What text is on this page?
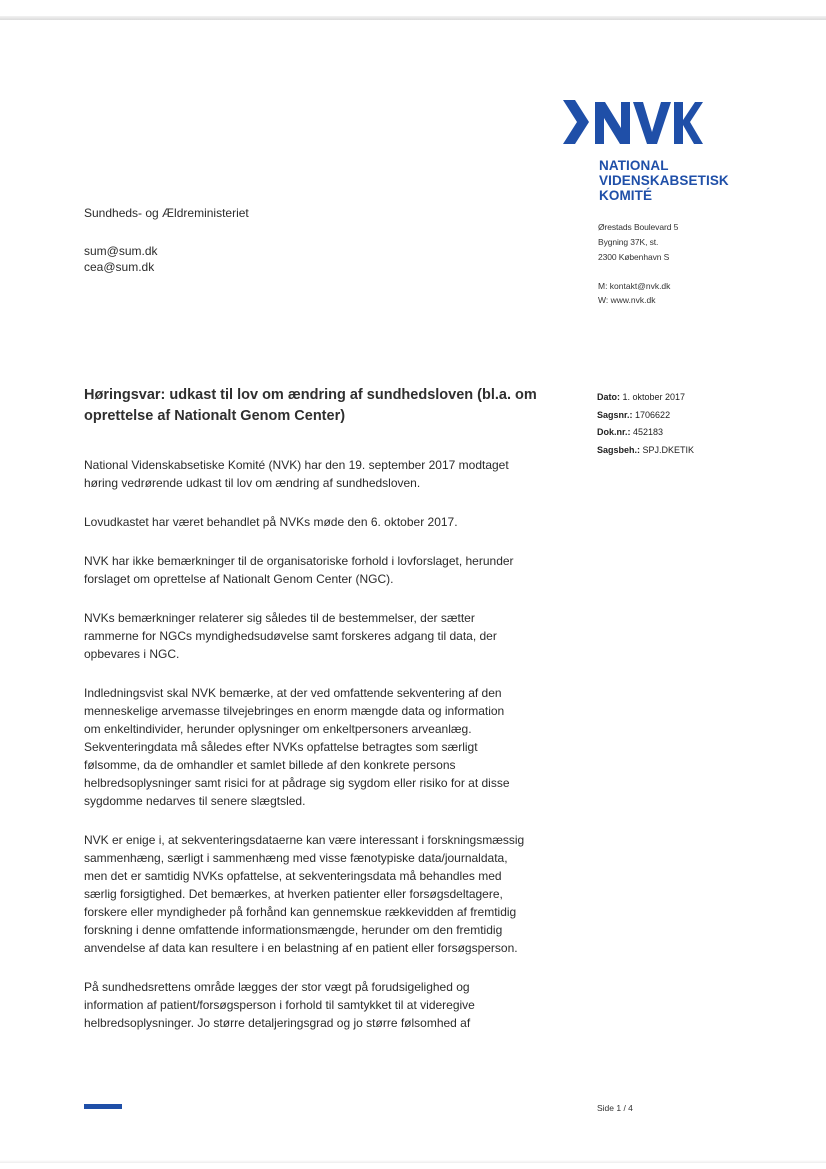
NATIONAL
VIDENSKABSETISK
KOMITÉ
Ørestads Boulevard 5
Bygning 37K, st.
2300 København S
M: kontakt@nvk.dk
W: www.nvk.dk
Sundheds- og Ældreministeriet
sum@sum.dk
cea@sum.dk
Dato: 1. oktober 2017
Sagsnr.: 1706622
Dok.nr.: 452183
Sagsbeh.: SPJ.DKETIK
Høringsvar: udkast til lov om ændring af sundhedsloven (bl.a. om oprettelse af Nationalt Genom Center)

National Videnskabsetiske Komité (NVK) har den 19. september 2017 modtaget
høring vedrørende udkast til lov om ændring af sundhedsloven.

Lovudkastet har været behandlet på NVKs møde den 6. oktober 2017.

NVK har ikke bemærkninger til de organisatoriske forhold i lovforslaget, herunder
forslaget om oprettelse af Nationalt Genom Center (NGC).

NVKs bemærkninger relaterer sig således til de bestemmelser, der sætter
rammerne for NGCs myndighedsudøvelse samt forskeres adgang til data, der
opbevares i NGC.

Indledningsvist skal NVK bemærke, at der ved omfattende sekventering af den
menneskelige arvemasse tilvejebringes en enorm mængde data og information
om enkeltindivider, herunder oplysninger om enkeltpersoners arveanlæg.
Sekventeringdata må således efter NVKs opfattelse betragtes som særligt
følsomme, da de omhandler et samlet billede af den konkrete persons
helbredsoplysninger samt risici for at pådrage sig sygdom eller risiko for at disse
sygdomme nedarves til senere slægtsled.

NVK er enige i, at sekventeringsdataerne kan være interessant i forskningsmæssig
sammenhæng, særligt i sammenhæng med visse fænotypiske data/journaldata,
men det er samtidig NVKs opfattelse, at sekventeringsdata må behandles med
særlig forsigtighed. Det bemærkes, at hverken patienter eller forsøgsdeltagere,
forskere eller myndigheder på forhånd kan gennemskue rækkevidden af fremtidig
forskning i denne omfattende informationsmængde, herunder om den fremtidig
anvendelse af data kan resultere i en belastning af en patient eller forsøgsperson.

På sundhedsrettens område lægges der stor vægt på forudsigelighed og
information af patient/forsøgsperson i forhold til samtykket til at videregive
helbredsoplysninger. Jo større detaljeringsgrad og jo større følsomhed af

Side 1 / 4
